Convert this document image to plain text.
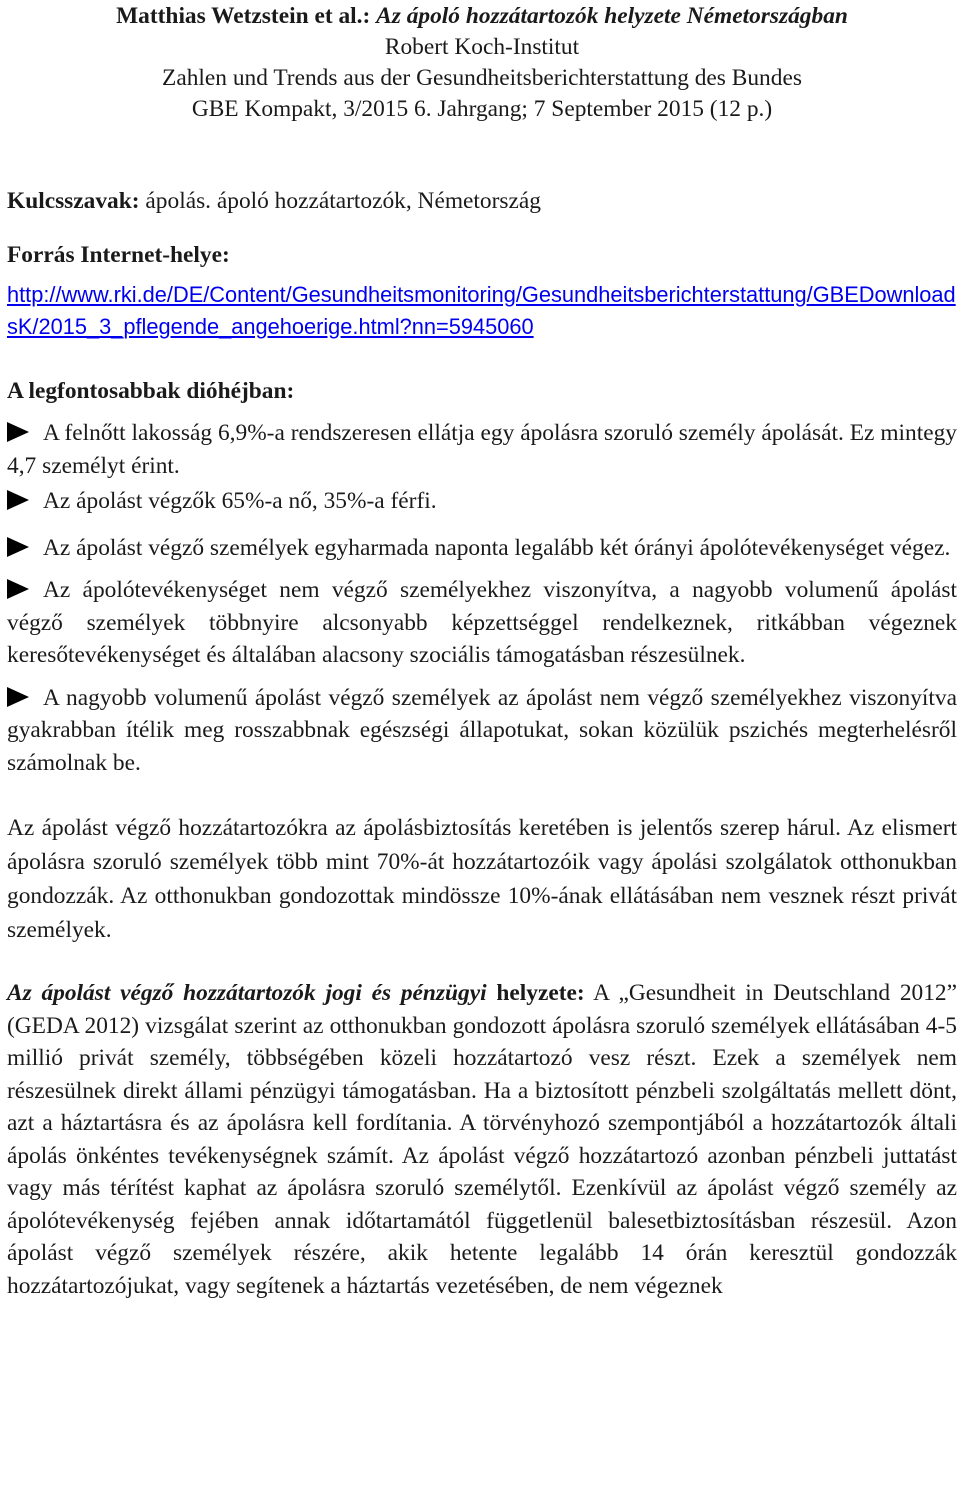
Matthias Wetzstein et al.: Az ápoló hozzátartozók helyzete Németországban

Robert Koch-Institut

Zahlen und Trends aus der Gesundheitsberichterstattung des Bundes

GBE Kompakt, 3/2015 6. Jahrgang; 7 September 2015 (12 p.)

Kulcsszavak: ápolás. ápoló hozzátartozók, Németország

Forrás Internet-helye:

http://www.rki.de/DE/Content/Gesundheitsmonitoring/Gesundheitsberichterstattung/GBEDownloadsK/2015_3_pflegende_angehoerige.html?nn=5945060

A legfontosabbak dióhéjban:

A felnőtt lakosság 6,9%-a rendszeresen ellátja egy ápolásra szoruló személy ápolását. Ez mintegy 4,7 személyt érint.

Az ápolást végzők 65%-a nő, 35%-a férfi.

Az ápolást végző személyek egyharmada naponta legalább két órányi ápolótevékenységet végez.

Az ápolótevékenységet nem végző személyekhez viszonyítva, a nagyobb volumenű ápolást végző személyek többnyire alcsonyabb képzettséggel rendelkeznek, ritkábban végeznek keresőtevékenységet és általában alacsony szociális támogatásban részesülnek.

A nagyobb volumenű ápolást végző személyek az ápolást nem végző személyekhez viszonyítva gyakrabban ítélik meg rosszabbnak egészségi állapotukat, sokan közülük pszichés megterhelésről számolnak be.

Az ápolást végző hozzátartozókra az ápolásbiztosítás keretében is jelentős szerep hárul. Az elismert ápolásra szoruló személyek több mint 70%-át hozzátartozóik vagy ápolási szolgálatok otthonukban gondozzák. Az otthonukban gondozottak mindössze 10%-ának ellátásában nem vesznek részt privát személyek.

Az ápolást végző hozzátartozók jogi és pénzügyi helyzete: A „Gesundheit in Deutschland 2012” (GEDA 2012) vizsgálat szerint az otthonukban gondozott ápolásra szoruló személyek ellátásában 4-5 millió privát személy, többségében közeli hozzátartozó vesz részt. Ezek a személyek nem részesülnek direkt állami pénzügyi támogatásban. Ha a biztosított pénzbeli szolgáltatás mellett dönt, azt a háztartásra és az ápolásra kell fordítania. A törvényhozó szempontjából a hozzátartozók általi ápolás önkéntes tevékenységnek számít. Az ápolást végző hozzátartozó azonban pénzbeli juttatást vagy más térítést kaphat az ápolásra szoruló személytől. Ezenkívül az ápolást végző személy az ápolótevékenység fejében annak időtartamától függetlenül balesetbiztosításban részesül. Azon ápolást végző személyek részére, akik hetente legalább 14 órán keresztül gondozzák hozzátartozójukat, vagy segítenek a háztartás vezetésében, de nem végeznek
